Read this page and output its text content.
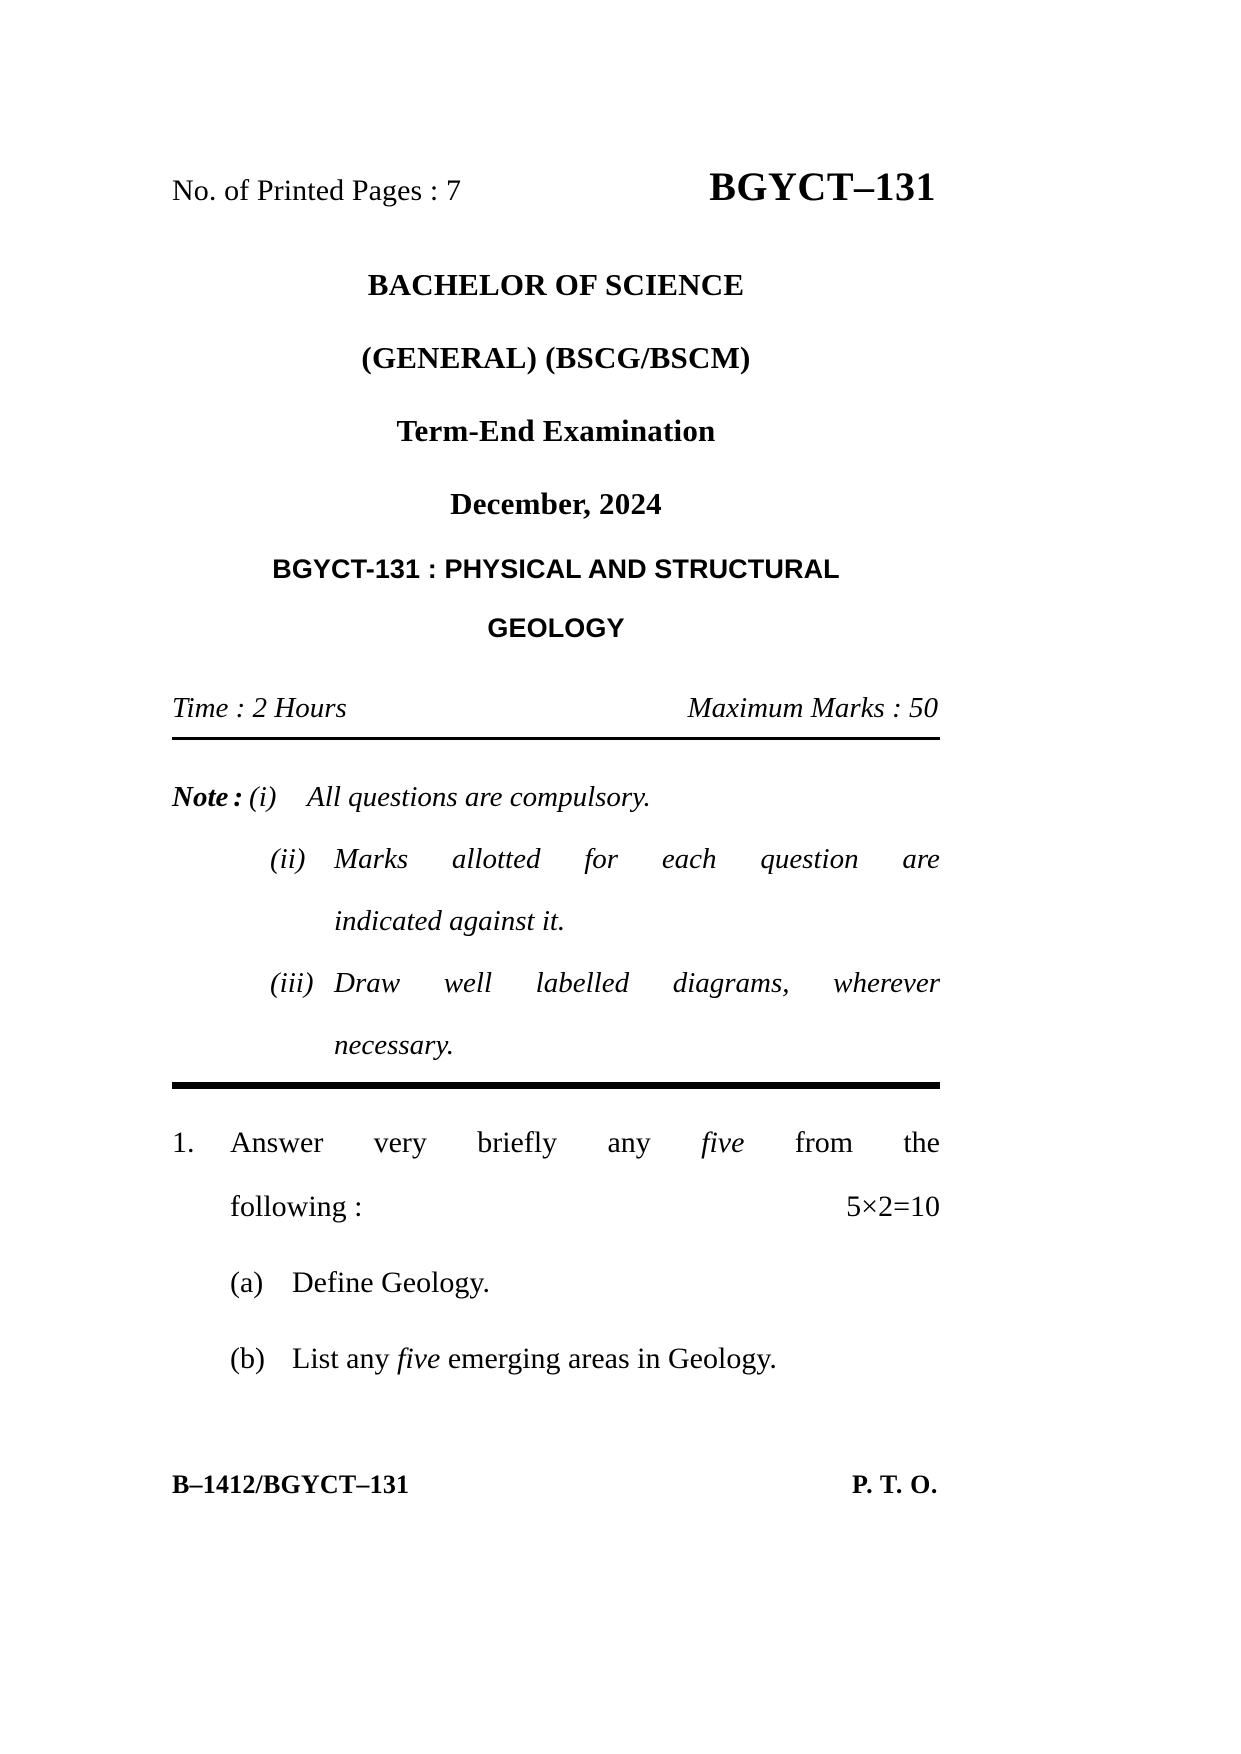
No. of Printed Pages : 7	BGYCT–131
BACHELOR OF SCIENCE
(GENERAL) (BSCG/BSCM)
Term-End Examination
December, 2024
BGYCT-131 : PHYSICAL AND STRUCTURAL
GEOLOGY
Time : 2 Hours	Maximum Marks : 50
Note : (i)	All questions are compulsory.
(ii) Marks allotted for each question are
indicated against it.
(iii) Draw well labelled diagrams, wherever
necessary.
1.	Answer very briefly any five from the
following :	5×2=10
(a) Define Geology.
(b) List any five emerging areas in Geology.
B–1412/BGYCT–131	P. T. O.
